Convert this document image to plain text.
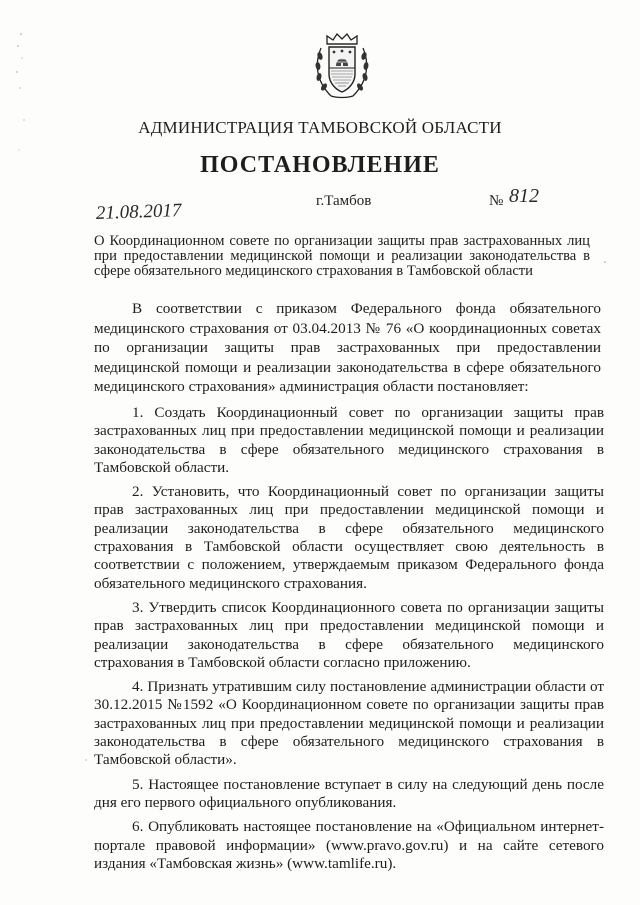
АДМИНИСТРАЦИЯ ТАМБОВСКОЙ ОБЛАСТИ
ПОСТАНОВЛЕНИЕ
г.Тамбов	№ 812
21.08.2017
О Координационном совете по организации защиты прав застрахованных лиц при предоставлении медицинской помощи и реализации законодательства в сфере обязательного медицинского страхования в Тамбовской области

В соответствии с приказом Федерального фонда обязательного медицинского страхования от 03.04.2013 № 76 «О координационных советах по организации защиты прав застрахованных при предоставлении медицинской помощи и реализации законодательства в сфере обязательного медицинского страхования» администрация области постановляет:

1. Создать Координационный совет по организации защиты прав застрахованных лиц при предоставлении медицинской помощи и реализации законодательства в сфере обязательного медицинского страхования в Тамбовской области.

2. Установить, что Координационный совет по организации защиты прав застрахованных лиц при предоставлении медицинской помощи и реализации законодательства в сфере обязательного медицинского страхования в Тамбовской области осуществляет свою деятельность в соответствии с положением, утверждаемым приказом Федерального фонда обязательного медицинского страхования.

3. Утвердить список Координационного совета по организации защиты прав застрахованных лиц при предоставлении медицинской помощи и реализации законодательства в сфере обязательного медицинского страхования в Тамбовской области согласно приложению.

4. Признать утратившим силу постановление администрации области от 30.12.2015 №1592 «О Координационном совете по организации защиты прав застрахованных лиц при предоставлении медицинской помощи и реализации законодательства в сфере обязательного медицинского страхования в Тамбовской области».

5. Настоящее постановление вступает в силу на следующий день после дня его первого официального опубликования.

6. Опубликовать настоящее постановление на «Официальном интернет-портале правовой информации» (www.pravo.gov.ru) и на сайте сетевого издания «Тамбовская жизнь» (www.tamlife.ru).
